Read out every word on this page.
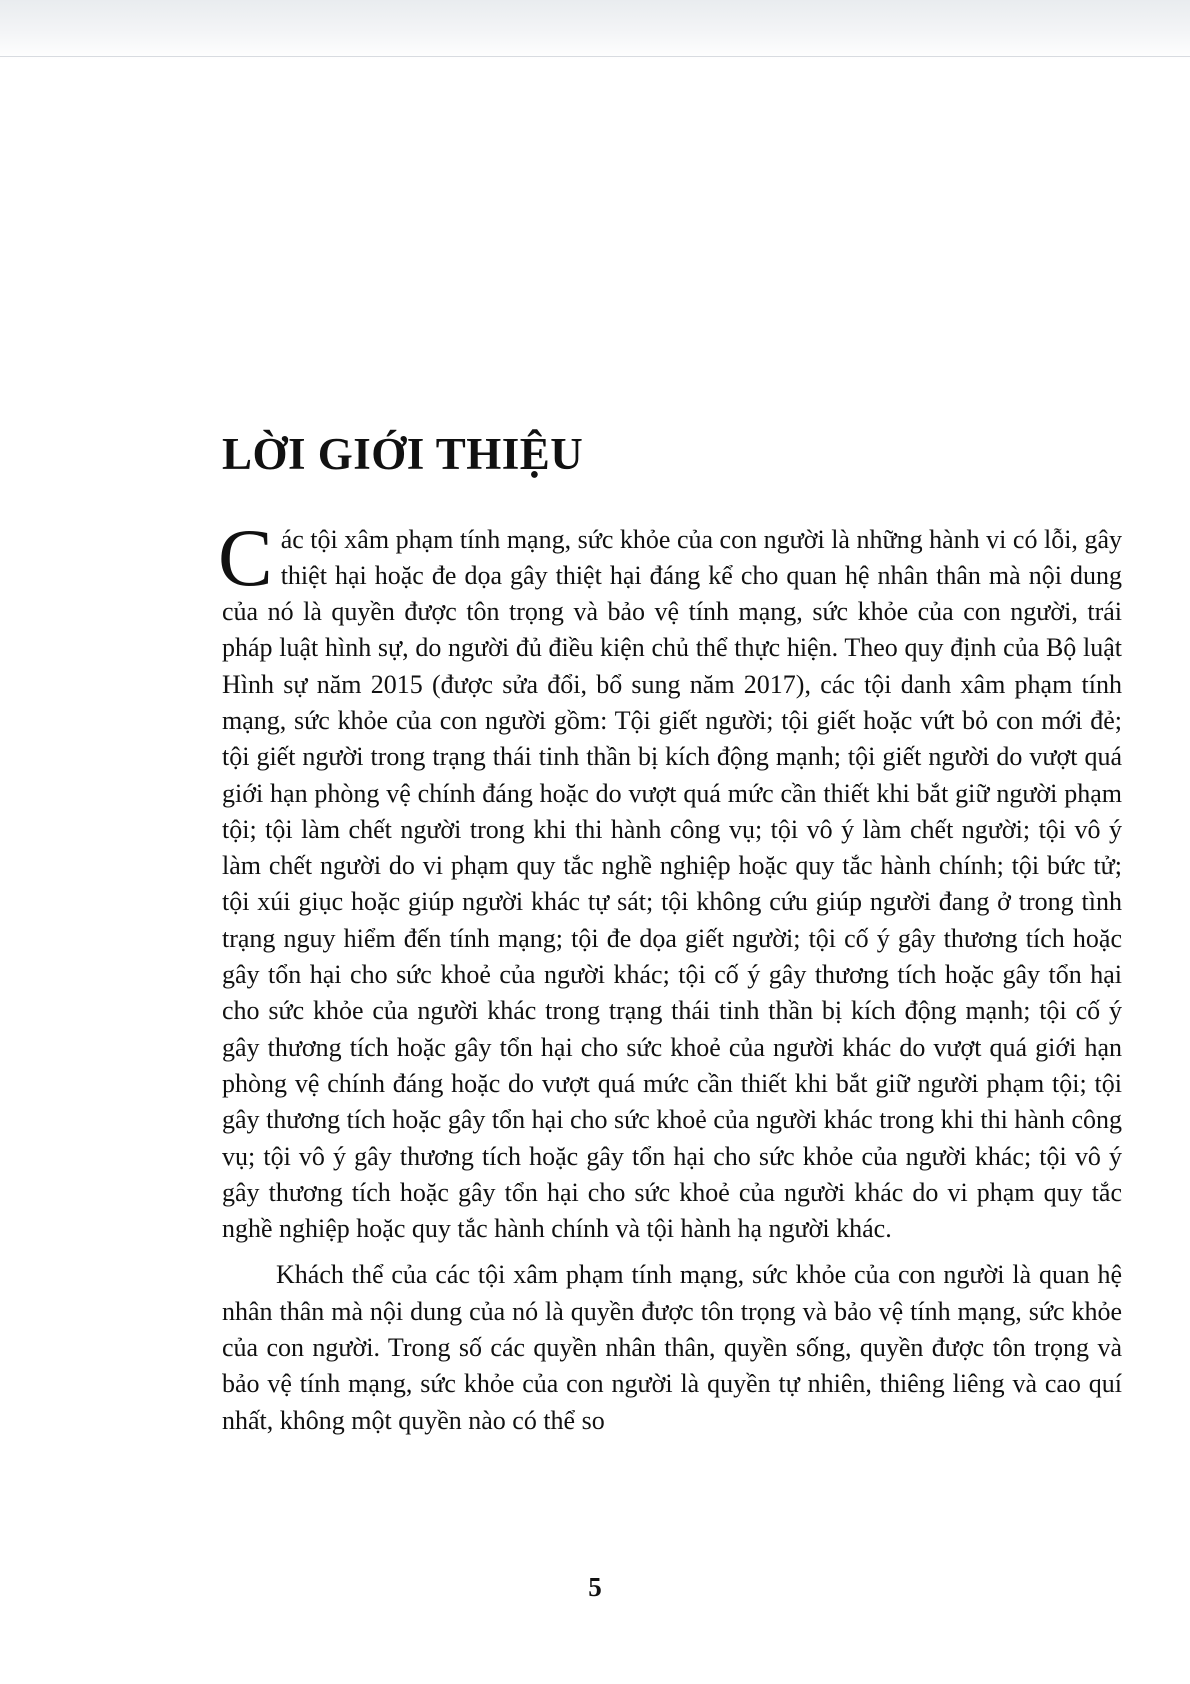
LỜI GIỚI THIỆU

Các tội xâm phạm tính mạng, sức khỏe của con người là những hành vi có lỗi, gây thiệt hại hoặc đe dọa gây thiệt hại đáng kể cho quan hệ nhân thân mà nội dung của nó là quyền được tôn trọng và bảo vệ tính mạng, sức khỏe của con người, trái pháp luật hình sự, do người đủ điều kiện chủ thể thực hiện. Theo quy định của Bộ luật Hình sự năm 2015 (được sửa đổi, bổ sung năm 2017), các tội danh xâm phạm tính mạng, sức khỏe của con người gồm: Tội giết người; tội giết hoặc vứt bỏ con mới đẻ; tội giết người trong trạng thái tinh thần bị kích động mạnh; tội giết người do vượt quá giới hạn phòng vệ chính đáng hoặc do vượt quá mức cần thiết khi bắt giữ người phạm tội; tội làm chết người trong khi thi hành công vụ; tội vô ý làm chết người; tội vô ý làm chết người do vi phạm quy tắc nghề nghiệp hoặc quy tắc hành chính; tội bức tử; tội xúi giục hoặc giúp người khác tự sát; tội không cứu giúp người đang ở trong tình trạng nguy hiểm đến tính mạng; tội đe dọa giết người; tội cố ý gây thương tích hoặc gây tổn hại cho sức khoẻ của người khác; tội cố ý gây thương tích hoặc gây tổn hại cho sức khỏe của người khác trong trạng thái tinh thần bị kích động mạnh; tội cố ý gây thương tích hoặc gây tổn hại cho sức khoẻ của người khác do vượt quá giới hạn phòng vệ chính đáng hoặc do vượt quá mức cần thiết khi bắt giữ người phạm tội; tội gây thương tích hoặc gây tổn hại cho sức khoẻ của người khác trong khi thi hành công vụ; tội vô ý gây thương tích hoặc gây tổn hại cho sức khỏe của người khác; tội vô ý gây thương tích hoặc gây tổn hại cho sức khoẻ của người khác do vi phạm quy tắc nghề nghiệp hoặc quy tắc hành chính và tội hành hạ người khác.

Khách thể của các tội xâm phạm tính mạng, sức khỏe của con người là quan hệ nhân thân mà nội dung của nó là quyền được tôn trọng và bảo vệ tính mạng, sức khỏe của con người. Trong số các quyền nhân thân, quyền sống, quyền được tôn trọng và bảo vệ tính mạng, sức khỏe của con người là quyền tự nhiên, thiêng liêng và cao quí nhất, không một quyền nào có thể so

5
